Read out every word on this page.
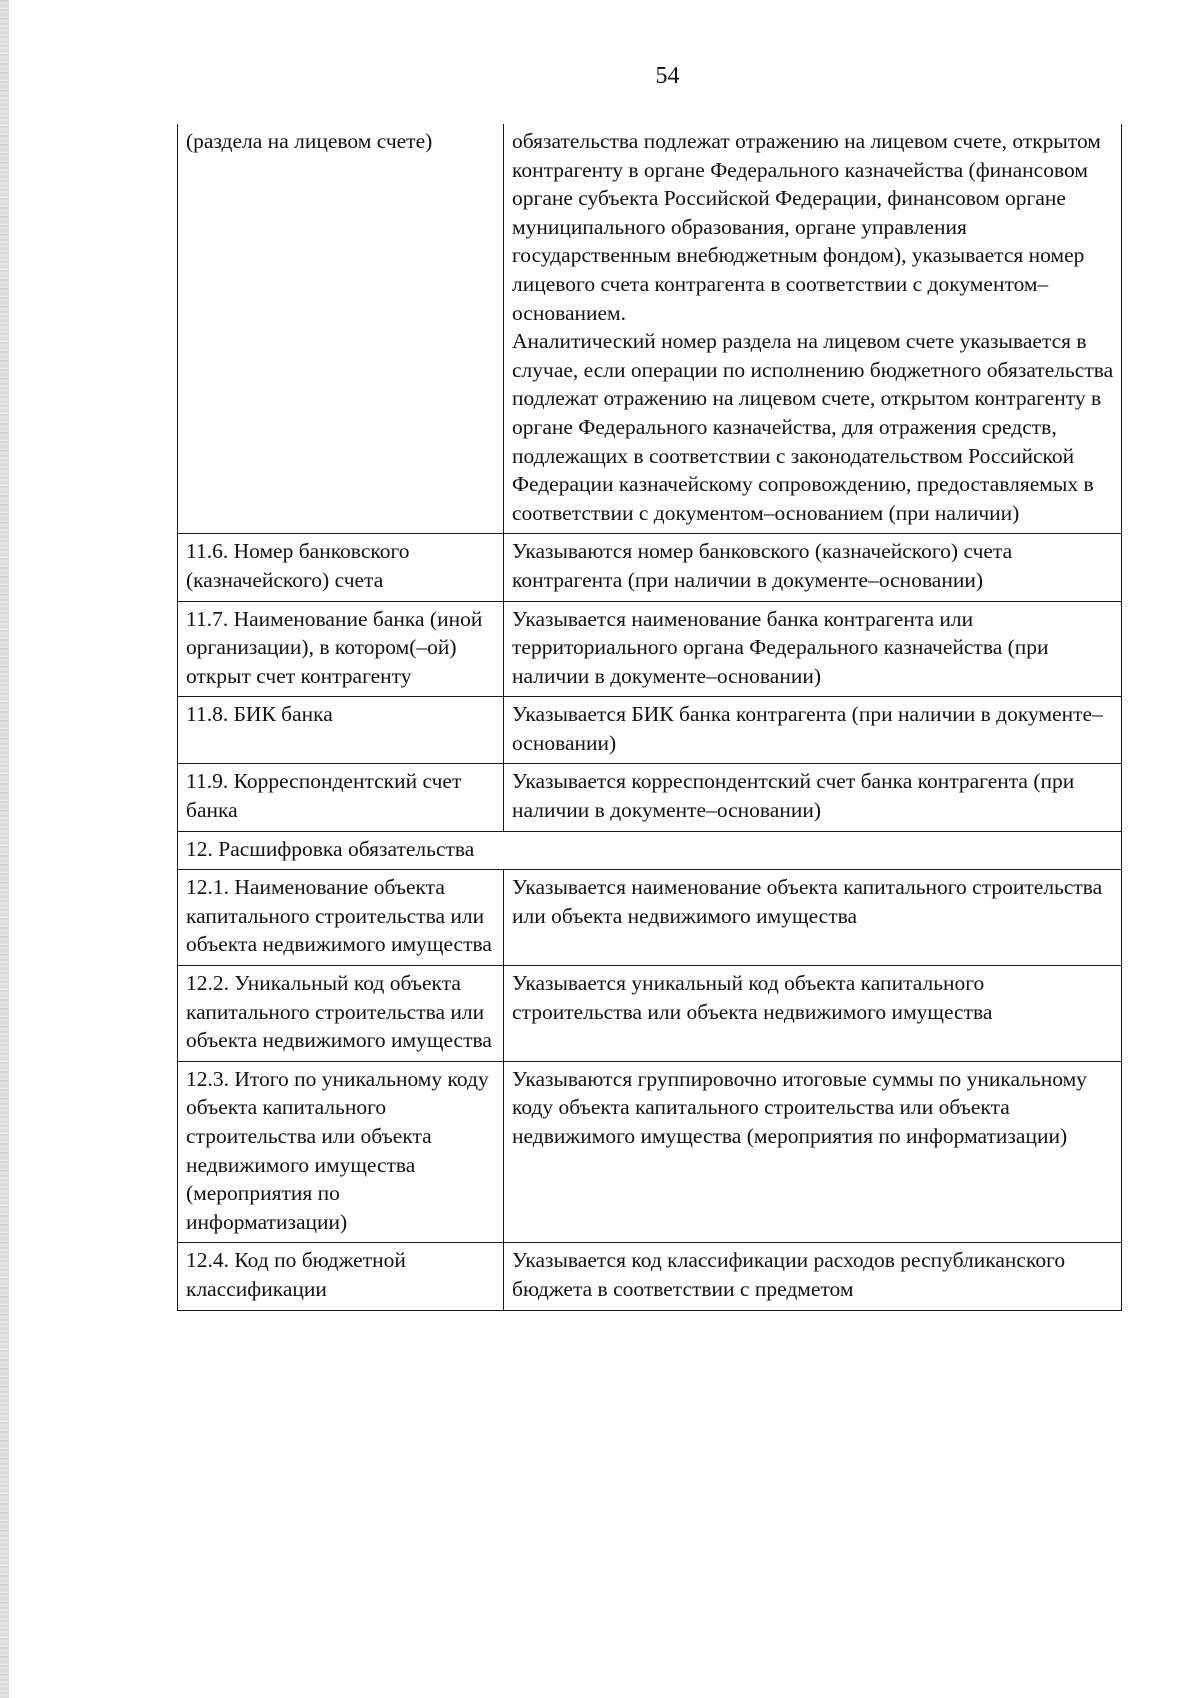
54
(раздела на лицевом счете)	обязательства подлежат отражению на лицевом счете, открытом контрагенту в органе Федерального казначейства (финансовом органе субъекта Российской Федерации, финансовом органе муниципального образования, органе управления государственным внебюджетным фондом), указывается номер лицевого счета контрагента в соответствии с документом–основанием.
Аналитический номер раздела на лицевом счете указывается в случае, если операции по исполнению бюджетного обязательства подлежат отражению на лицевом счете, открытом контрагенту в органе Федерального казначейства, для отражения средств, подлежащих в соответствии с законодательством Российской Федерации казначейскому сопровождению, предоставляемых в соответствии с документом–основанием (при наличии)

11.6. Номер банковского (казначейского) счета	Указываются номер банковского (казначейского) счета контрагента (при наличии в документе–основании)
11.7. Наименование банка (иной организации), в котором(–ой) открыт счет контрагенту	Указывается наименование банка контрагента или территориального органа Федерального казначейства (при наличии в документе–основании)
11.8. БИК банка	Указывается БИК банка контрагента (при наличии в документе–основании)
11.9. Корреспондентский счет банка	Указывается корреспондентский счет банка контрагента (при наличии в документе–основании)
12. Расшифровка обязательства	
12.1. Наименование объекта капитального строительства или объекта недвижимого имущества	Указывается наименование объекта капитального строительства или объекта недвижимого имущества
12.2. Уникальный код объекта капитального строительства или объекта недвижимого имущества	Указывается уникальный код объекта капитального строительства или объекта недвижимого имущества
12.3. Итого по уникальному коду объекта капитального строительства или объекта недвижимого имущества (мероприятия по информатизации)	Указываются группировочно итоговые суммы по уникальному коду объекта капитального строительства или объекта недвижимого имущества (мероприятия по информатизации)
12.4. Код по бюджетной классификации	Указывается код классификации расходов республиканского бюджета в соответствии с предметом
